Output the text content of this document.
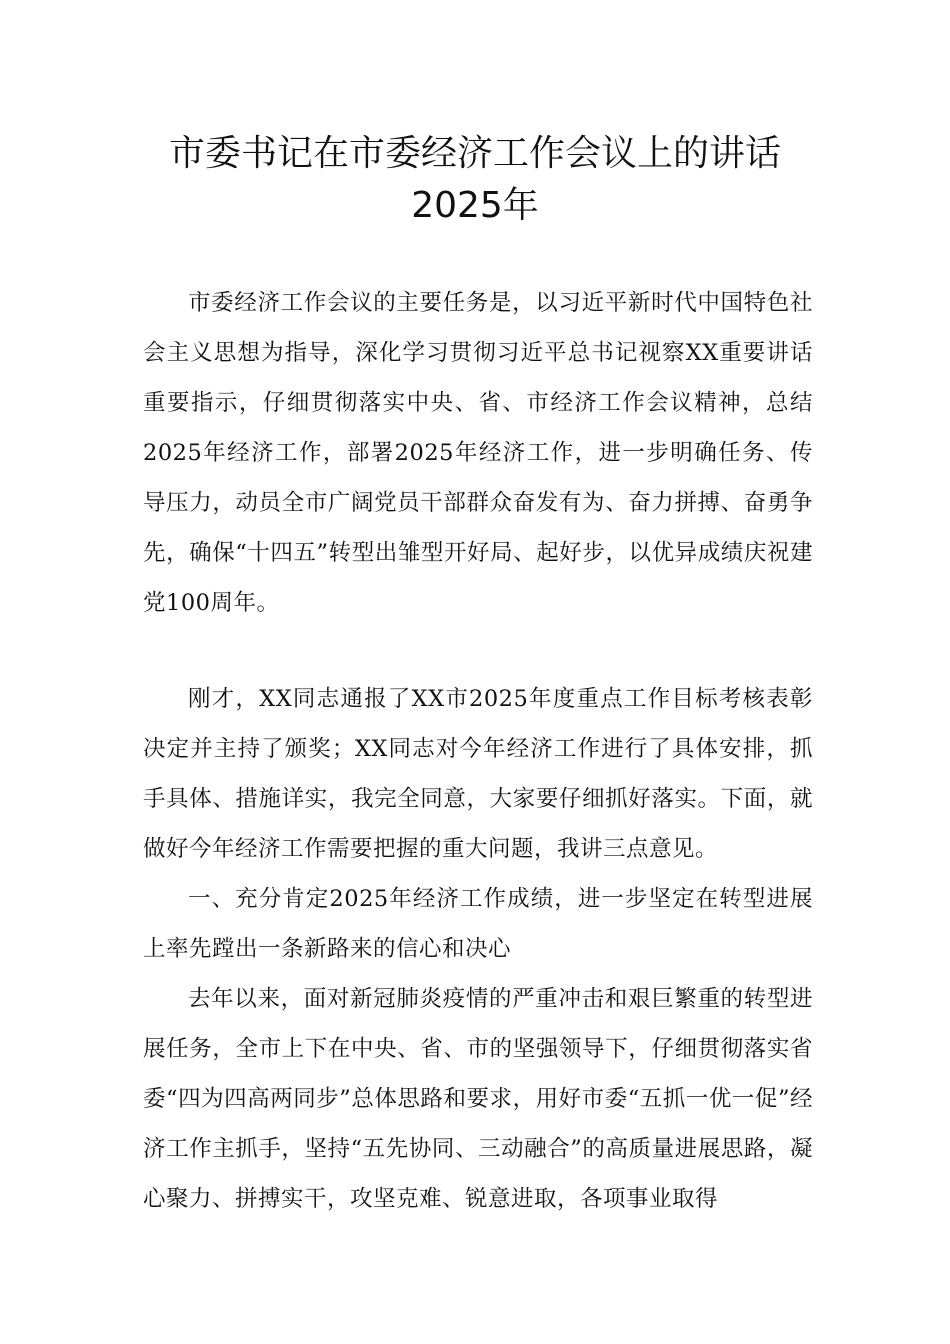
市委书记在市委经济工作会议上的讲话
2025年

市委经济工作会议的主要任务是，以习近平新时代中国特色社会主义思想为指导，深化学习贯彻习近平总书记视察XX重要讲话重要指示，仔细贯彻落实中央、省、市经济工作会议精神，总结2025年经济工作，部署2025年经济工作，进一步明确任务、传导压力，动员全市广阔党员干部群众奋发有为、奋力拼搏、奋勇争先，确保“十四五”转型出雏型开好局、起好步，以优异成绩庆祝建党100周年。

刚才，XX同志通报了XX市2025年度重点工作目标考核表彰决定并主持了颁奖；XX同志对今年经济工作进行了具体安排，抓手具体、措施详实，我完全同意，大家要仔细抓好落实。下面，就做好今年经济工作需要把握的重大问题，我讲三点意见。

一、充分肯定2025年经济工作成绩，进一步坚定在转型进展上率先蹚出一条新路来的信心和决心

去年以来，面对新冠肺炎疫情的严重冲击和艰巨繁重的转型进展任务，全市上下在中央、省、市的坚强领导下，仔细贯彻落实省委“四为四高两同步”总体思路和要求，用好市委“五抓一优一促”经济工作主抓手，坚持“五先协同、三动融合”的高质量进展思路，凝心聚力、拼搏实干，攻坚克难、锐意进取，各项事业取得
